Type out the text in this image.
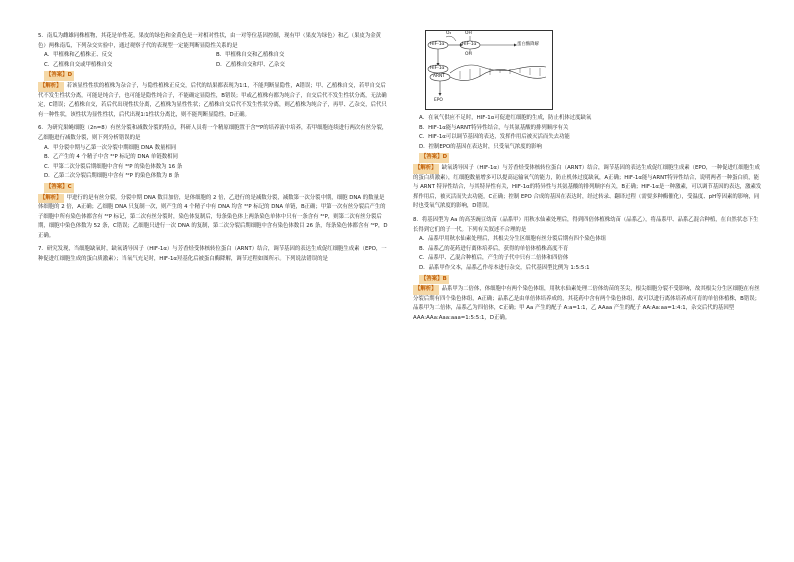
5．南瓜为雌雄同株植物，其花是单性花，果皮的绿色和金黄色是一对相对性状，由一对等位基因控制，现有甲（果皮为绿色）和乙（果皮为金黄色）两株南瓜，下列杂交实验中，通过观察子代的表现型一定能判断显隐性关系的是

A．甲植株和乙植株正、反交	B．甲植株自交和乙植株自交
C．乙植株自交或甲植株自交	D．乙植株自交和甲、乙杂交

【答案】D

【解析】 若该显性性状的植株为杂合子，与隐性植株正反交，后代的结果都表现为1∶1，不能判断显隐性，A错误；甲、乙植株自交，若甲自交后代不发生性状分离，可能是纯合子，也可能是隐性纯合子，不能确定显隐性，B错误；甲或乙植株有都为纯合子，自交后代不发生性状分离，无法确定，C错误；乙植株自交，若后代出现性状分离，乙植株为显性性状；乙植株自交后代不发生性状分离，则乙植株为纯合子，再甲、乙杂交，后代只有一种性状，该性状为显性性状，后代出现1∶1性状分离比，则不能判断显隐性，D正确。

6．为研究果蝇细胞（2n=8）有丝分裂和减数分裂的特点，科研人员将一个精原细胞置于含³²P的培养液中培养，若甲细胞连续进行两次有丝分裂，乙细胞进行减数分裂，则下列分析错误的是

A．甲分裂中期与乙第一次分裂中期细胞 DNA 数量相同

B．乙产生的 4 个精子中含 ³²P 标记的 DNA 单链数相同

C．甲第二次分裂后期细胞中含有 ³²P 的染色体数为 16 条

D．乙第二次分裂后期细胞中含有 ³²P 的染色体数为 8 条

【答案】C

【解析】 甲进行的是有丝分裂，分裂中期 DNA 数目加倍，是体细胞的 2 倍，乙进行的是减数分裂，减数第一次分裂中期，细胞 DNA 的数量是体细胞的 2 倍，A正确；乙细胞 DNA 只复制一次，则产生的 4 个精子中有 DNA 均含 ³²P 标记的 DNA 单链，B正确；甲第一次有丝分裂后产生的子细胞中所有染色体都含有 ³²P 标记，第二次有丝分裂时，染色体复制后，每条染色体上两条染色单体中只有一条含有 ³²P，则第二次有丝分裂后期，细胞中染色体数为 52 条，C错误；乙细胞只进行一次 DNA 的复制，第二次分裂后期细胞中含有染色体数目 26 条，每条染色体都含有 ³²P，D正确。

7．研究发现，当细胞缺氧时，缺氧诱导因子（HIF-1α）与芳香烃受体核转位蛋白（ARNT）结合，调节基因的表达生成促红细胞生成素（EPO，一种促进红细胞生成的蛋白质激素）；当氧气充足时，HIF-1α羟基化后被蛋白酶降解，调节过程如图所示。下列说法错误的是

O₂	OH
HIF-1α	HIF-1α
OH
蛋白酶降解
HIF-1α
ARNT
EPO

A．在氧气供应不足时，HIF-1α可促进红细胞的生成，防止机体过度缺氧

B．HIF-1α能与ARNT特异性结合，与其氨基酸的排列顺序有关

C．HIF-1α可以调节基因的表达，发挥作用后被灭活而失去功能

D．控制EPO的基因在表达时，只受氧气浓度的影响

【答案】D

【解析】 缺氧诱导因子（HIF-1α）与芳香烃受体核转位蛋白（ARNT）结合，调节基因的表达生成促红细胞生成素（EPO，一种促进红细胞生成的蛋白质激素），红细胞数量增多可以提高运输氧气的能力，防止机体过度缺氧，A正确；HIF-1α能与ARNT特异性结合，说明两者一种蛋白质，能与 ARNT 特异性结合，与其特异性有关，HIF-1α的特异性与其氨基酸的排列顺序有关，B正确；HIF-1α是一种激素，可以调节基因的表达，激素发挥作用后，被灭活而失去功能，C正确；控制 EPO 合成的基因在表达时，经过转录、翻译过程（需要多种酶催化），受温度、pH等因素的影响，同时也受氧气浓度的影响，D错误。

8．将基因型为 Aa 的高茎豌豆幼苗（品系甲）用秋水仙素处理后，得到四倍体植株幼苗（品系乙），将品系甲、品系乙混合种植，在自然状态下生长得到它们的子一代。下列有关叙述不合理的是

A．品系甲用秋水仙素处理后，其根尖分生区细胞有丝分裂后期有四个染色体组

B．品系乙的花药进行离体培养后，获得的单倍体植株高度不育

C．品系甲、乙混合种植后，产生的子代中只有二倍体和四倍体

D．品系甲作父本，品系乙作母本进行杂交，后代基因型比例为 1:5:5:1

【答案】B

【解析】 品系甲为二倍体，体细胞中有两个染色体组，用秋水仙素处理二倍体幼苗的茎尖，根尖细胞分裂不受影响，故其根尖分生区细胞在有丝分裂后期有四个染色体组，A正确；品系乙是由单倍体培养成的，其花药中含有两个染色体组，故可以进行离体培养成可育的单倍体植株，B错误；品系甲为二倍体，品系乙为四倍体，C正确；甲 Aa 产生的配子 A:a=1:1，乙 AAaa 产生的配子 AA:Aa:aa=1:4:1，杂交后代的基因型 AAA:AAa:Aaa:aaa=1:5:5:1，D正确。
